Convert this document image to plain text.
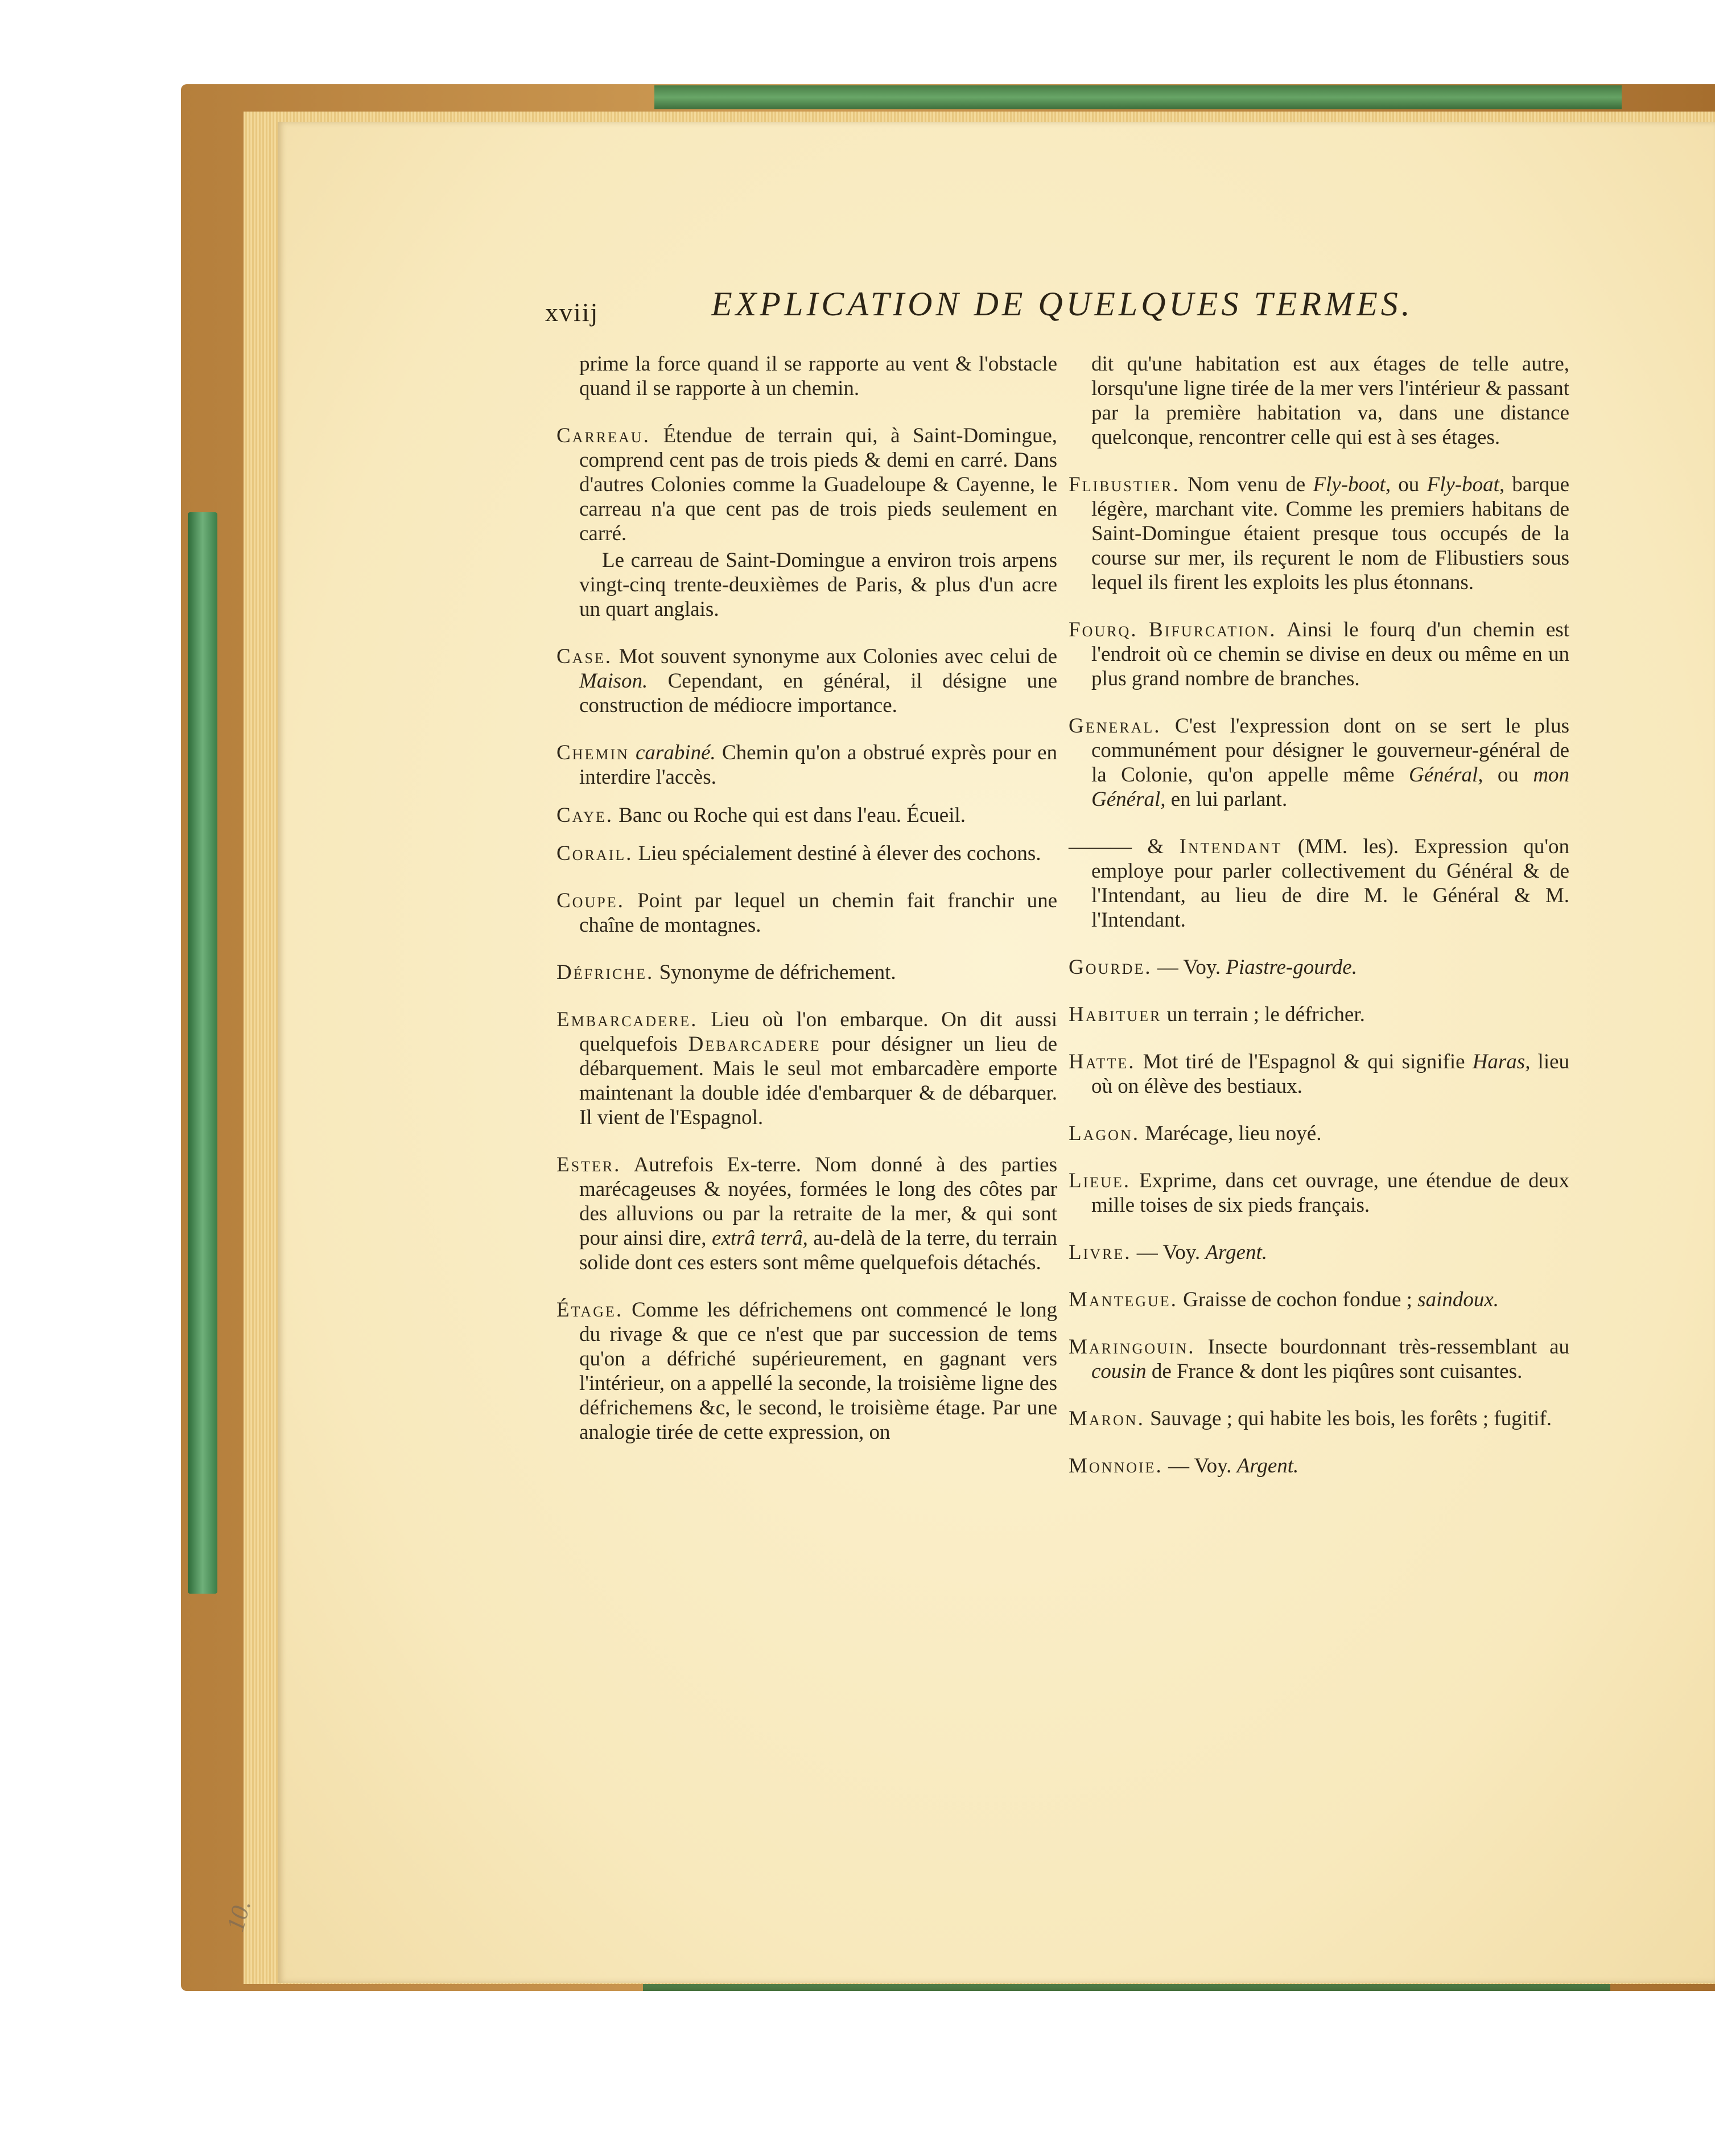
10.
xviij	EXPLICATION DE QUELQUES TERMES.
prime la force quand il se rapporte au vent & l'obstacle quand il se rapporte à un chemin.
Carreau. Étendue de terrain qui, à Saint-Domingue, comprend cent pas de trois pieds & demi en carré. Dans d'autres Colonies comme la Guadeloupe & Cayenne, le carreau n'a que cent pas de trois pieds seulement en carré.
Le carreau de Saint-Domingue a environ trois arpens vingt-cinq trente-deuxièmes de Paris, & plus d'un acre un quart anglais.
Case. Mot souvent synonyme aux Colonies avec celui de Maison. Cependant, en général, il désigne une construction de médiocre importance.
Chemin carabiné. Chemin qu'on a obstrué exprès pour en interdire l'accès.
Caye. Banc ou Roche qui est dans l'eau. Écueil.
Corail. Lieu spécialement destiné à élever des cochons.
Coupe. Point par lequel un chemin fait franchir une chaîne de montagnes.
Défriche. Synonyme de défrichement.
Embarcadere. Lieu où l'on embarque. On dit aussi quelquefois Debarcadere pour désigner un lieu de débarquement. Mais le seul mot embarcadère emporte maintenant la double idée d'embarquer & de débarquer. Il vient de l'Espagnol.
Ester. Autrefois Ex-terre. Nom donné à des parties marécageuses & noyées, formées le long des côtes par des alluvions ou par la retraite de la mer, & qui sont pour ainsi dire, extrâ terrâ, au-delà de la terre, du terrain solide dont ces esters sont même quelquefois détachés.
Étage. Comme les défrichemens ont commencé le long du rivage & que ce n'est que par succession de tems qu'on a défriché supérieurement, en gagnant vers l'intérieur, on a appellé la seconde, la troisième ligne des défrichemens &c, le second, le troisième étage. Par une analogie tirée de cette expression, on
dit qu'une habitation est aux étages de telle autre, lorsqu'une ligne tirée de la mer vers l'intérieur & passant par la première habitation va, dans une distance quelconque, rencontrer celle qui est à ses étages.
Flibustier. Nom venu de Fly-boot, ou Fly-boat, barque légère, marchant vite. Comme les premiers habitans de Saint-Domingue étaient presque tous occupés de la course sur mer, ils reçurent le nom de Flibustiers sous lequel ils firent les exploits les plus étonnans.
Fourq. Bifurcation. Ainsi le fourq d'un chemin est l'endroit où ce chemin se divise en deux ou même en un plus grand nombre de branches.
General. C'est l'expression dont on se sert le plus communément pour désigner le gouverneur-général de la Colonie, qu'on appelle même Général, ou mon Général, en lui parlant.
——— & Intendant (MM. les). Expression qu'on employe pour parler collectivement du Général & de l'Intendant, au lieu de dire M. le Général & M. l'Intendant.
Gourde. — Voy. Piastre-gourde.
Habituer un terrain ; le défricher.
Hatte. Mot tiré de l'Espagnol & qui signifie Haras, lieu où on élève des bestiaux.
Lagon. Marécage, lieu noyé.
Lieue. Exprime, dans cet ouvrage, une étendue de deux mille toises de six pieds français.
Livre. — Voy. Argent.
Mantegue. Graisse de cochon fondue ; saindoux.
Maringouin. Insecte bourdonnant très-ressemblant au cousin de France & dont les piqûres sont cuisantes.
Maron. Sauvage ; qui habite les bois, les forêts ; fugitif.
Monnoie. — Voy. Argent.
